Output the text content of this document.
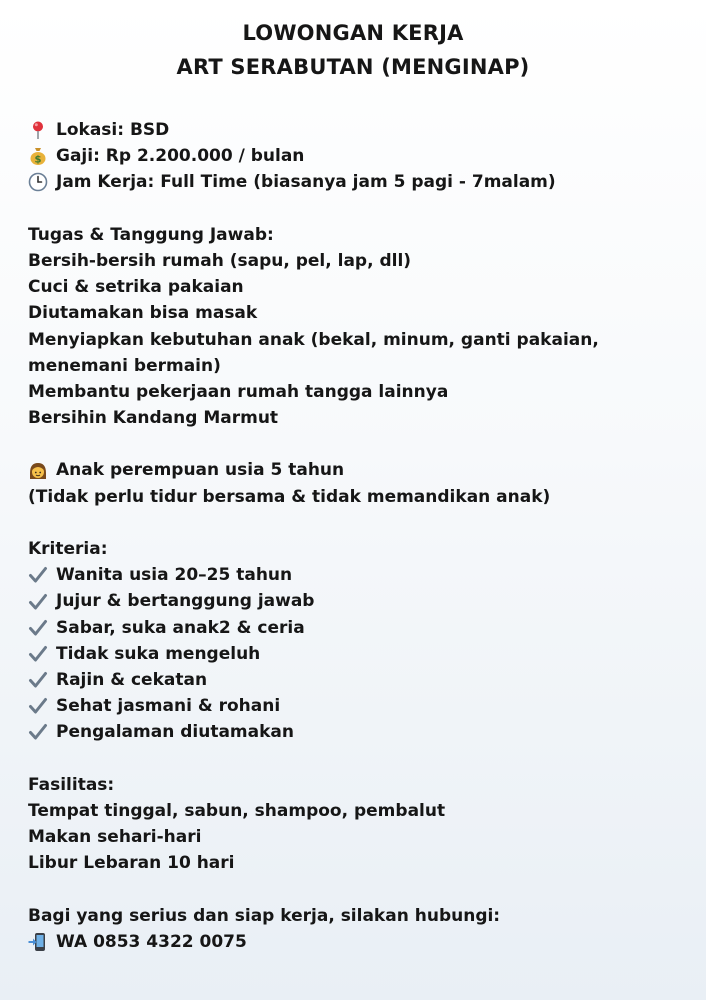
LOWONGAN KERJA
ART SERABUTAN (MENGINAP)
Lokasi: BSD
$ Gaji: Rp 2.200.000 / bulan
Jam Kerja: Full Time (biasanya jam 5 pagi - 7malam)
Tugas & Tanggung Jawab:
Bersih-bersih rumah (sapu, pel, lap, dll)
Cuci & setrika pakaian
Diutamakan bisa masak
Menyiapkan kebutuhan anak (bekal, minum, ganti pakaian, menemani bermain)
Membantu pekerjaan rumah tangga lainnya
Bersihin Kandang Marmut
Anak perempuan usia 5 tahun
(Tidak perlu tidur bersama & tidak memandikan anak)
Kriteria:
Wanita usia 20–25 tahun
Jujur & bertanggung jawab
Sabar, suka anak2 & ceria
Tidak suka mengeluh
Rajin & cekatan
Sehat jasmani & rohani
Pengalaman diutamakan
Fasilitas:
Tempat tinggal, sabun, shampoo, pembalut
Makan sehari-hari
Libur Lebaran 10 hari
Bagi yang serius dan siap kerja, silakan hubungi:
WA 0853 4322 0075
